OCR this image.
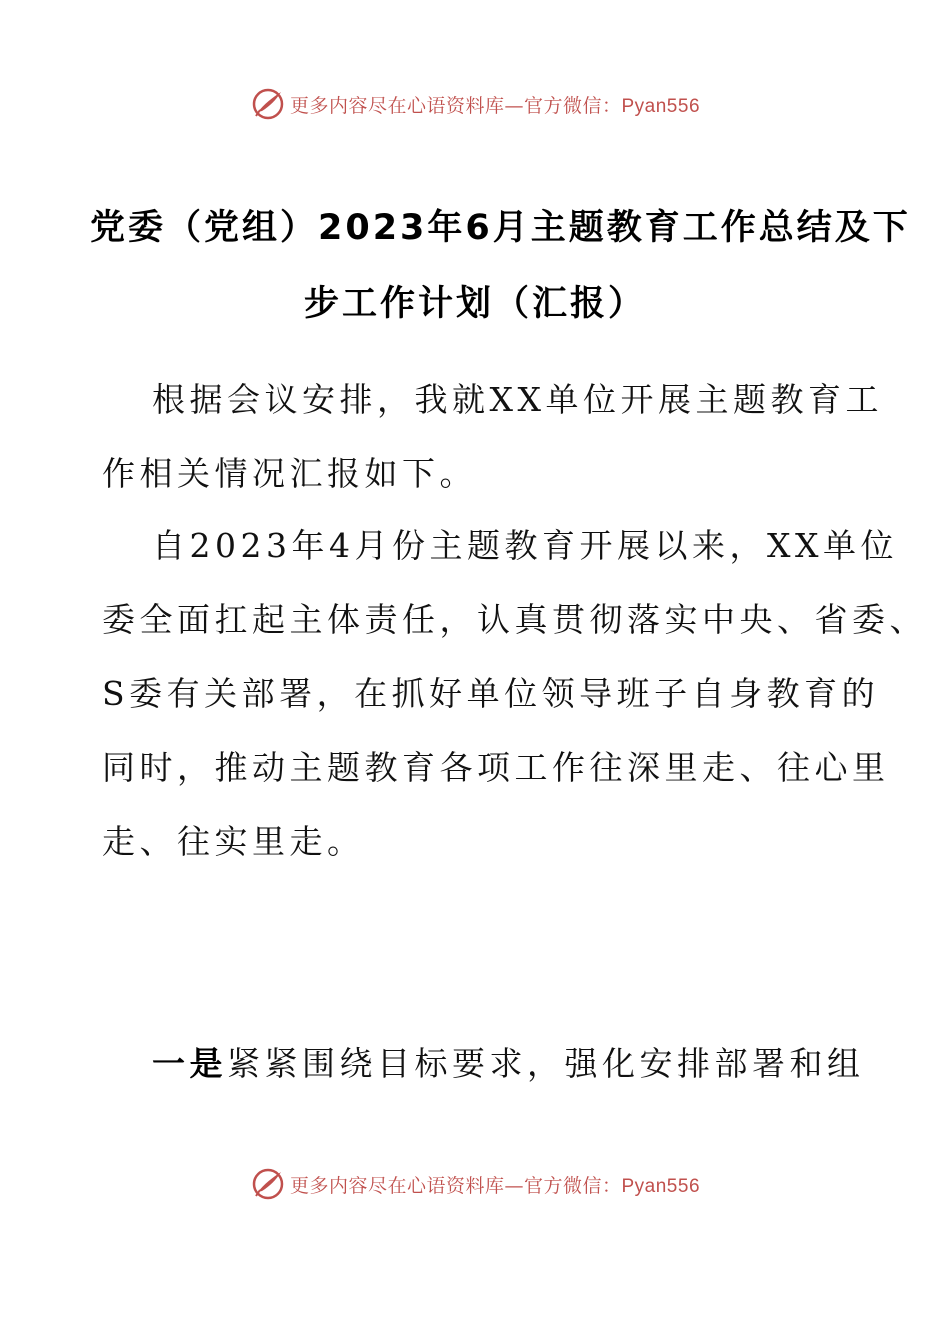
更多内容尽在心语资料库—官方微信：Pyan556
党委（党组）2023年6月主题教育工作总结及下
步工作计划（汇报）
根据会议安排，我就XX单位开展主题教育工
作相关情况汇报如下。
自2023年4月份主题教育开展以来，XX单位
委全面扛起主体责任，认真贯彻落实中央、省委、
S委有关部署，在抓好单位领导班子自身教育的
同时，推动主题教育各项工作往深里走、往心里
走、往实里走。
一是紧紧围绕目标要求，强化安排部署和组
更多内容尽在心语资料库—官方微信：Pyan556
